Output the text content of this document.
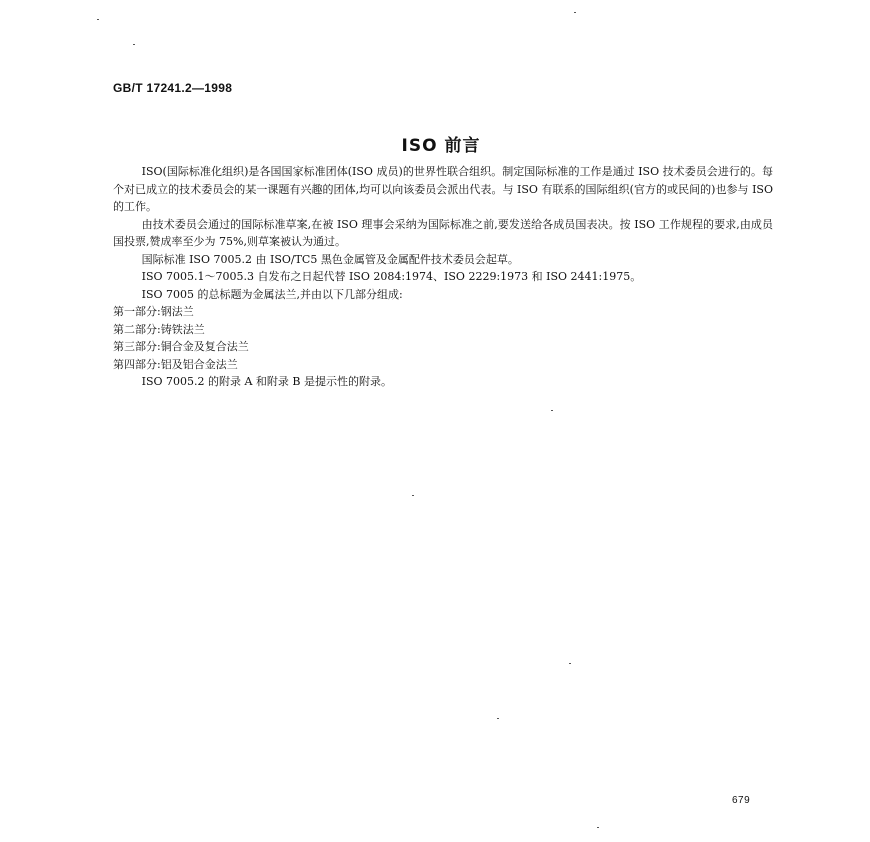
GB/T 17241.2—1998
ISO 前言

ISO(国际标准化组织)是各国国家标准团体(ISO 成员)的世界性联合组织。制定国际标准的工作是通过 ISO 技术委员会进行的。每个对已成立的技术委员会的某一课题有兴趣的团体,均可以向该委员会派出代表。与 ISO 有联系的国际组织(官方的或民间的)也参与 ISO 的工作。

由技术委员会通过的国际标准草案,在被 ISO 理事会采纳为国际标准之前,要发送给各成员国表决。按 ISO 工作规程的要求,由成员国投票,赞成率至少为 75%,则草案被认为通过。

国际标准 ISO 7005.2 由 ISO/TC5 黑色金属管及金属配件技术委员会起草。

ISO 7005.1～7005.3 自发布之日起代替 ISO 2084:1974、ISO 2229:1973 和 ISO 2441:1975。

ISO 7005 的总标题为金属法兰,并由以下几部分组成:

第一部分:钢法兰

第二部分:铸铁法兰

第三部分:铜合金及复合法兰

第四部分:铝及铝合金法兰

ISO 7005.2 的附录 A 和附录 B 是提示性的附录。

679
